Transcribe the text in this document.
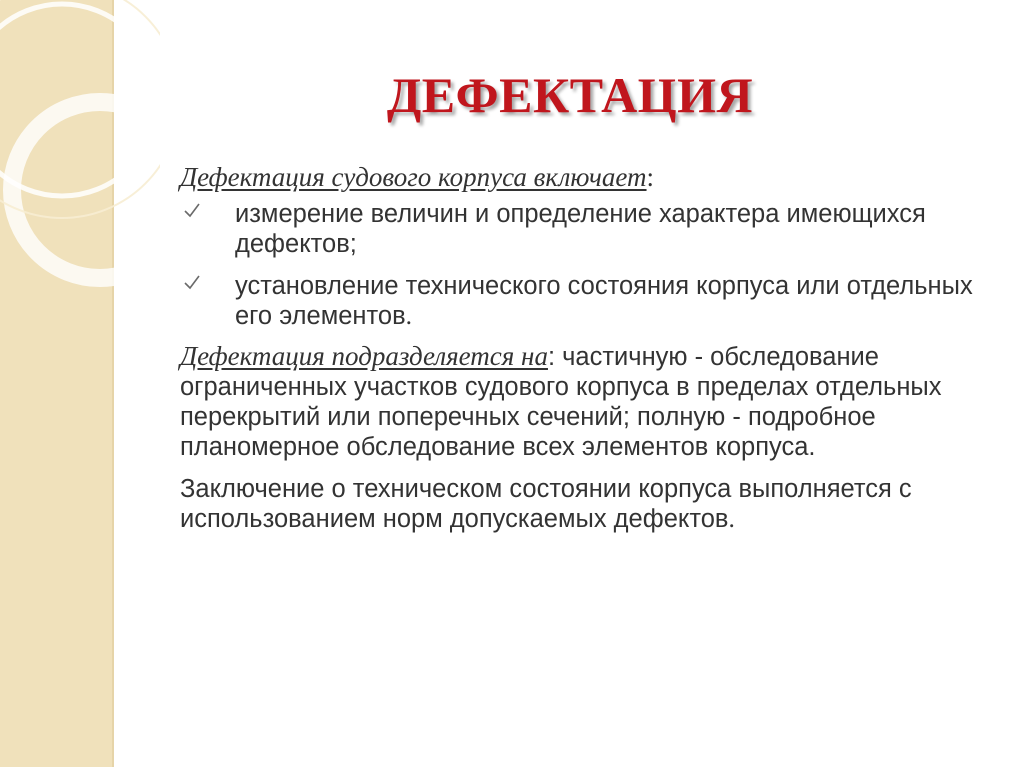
ДЕФЕКТАЦИЯ

Дефектация судового корпуса включает:

измерение величин и определение характера имеющихся дефектов;

установление технического состояния корпуса или отдельных его элементов.

Дефектация подразделяется на: частичную - обследование ограниченных участков судового корпуса в пределах отдельных перекрытий или поперечных сечений; полную - подробное планомерное обследование всех элементов корпуса.

Заключение о техническом состоянии корпуса выполняется с использованием норм допускаемых дефектов.
